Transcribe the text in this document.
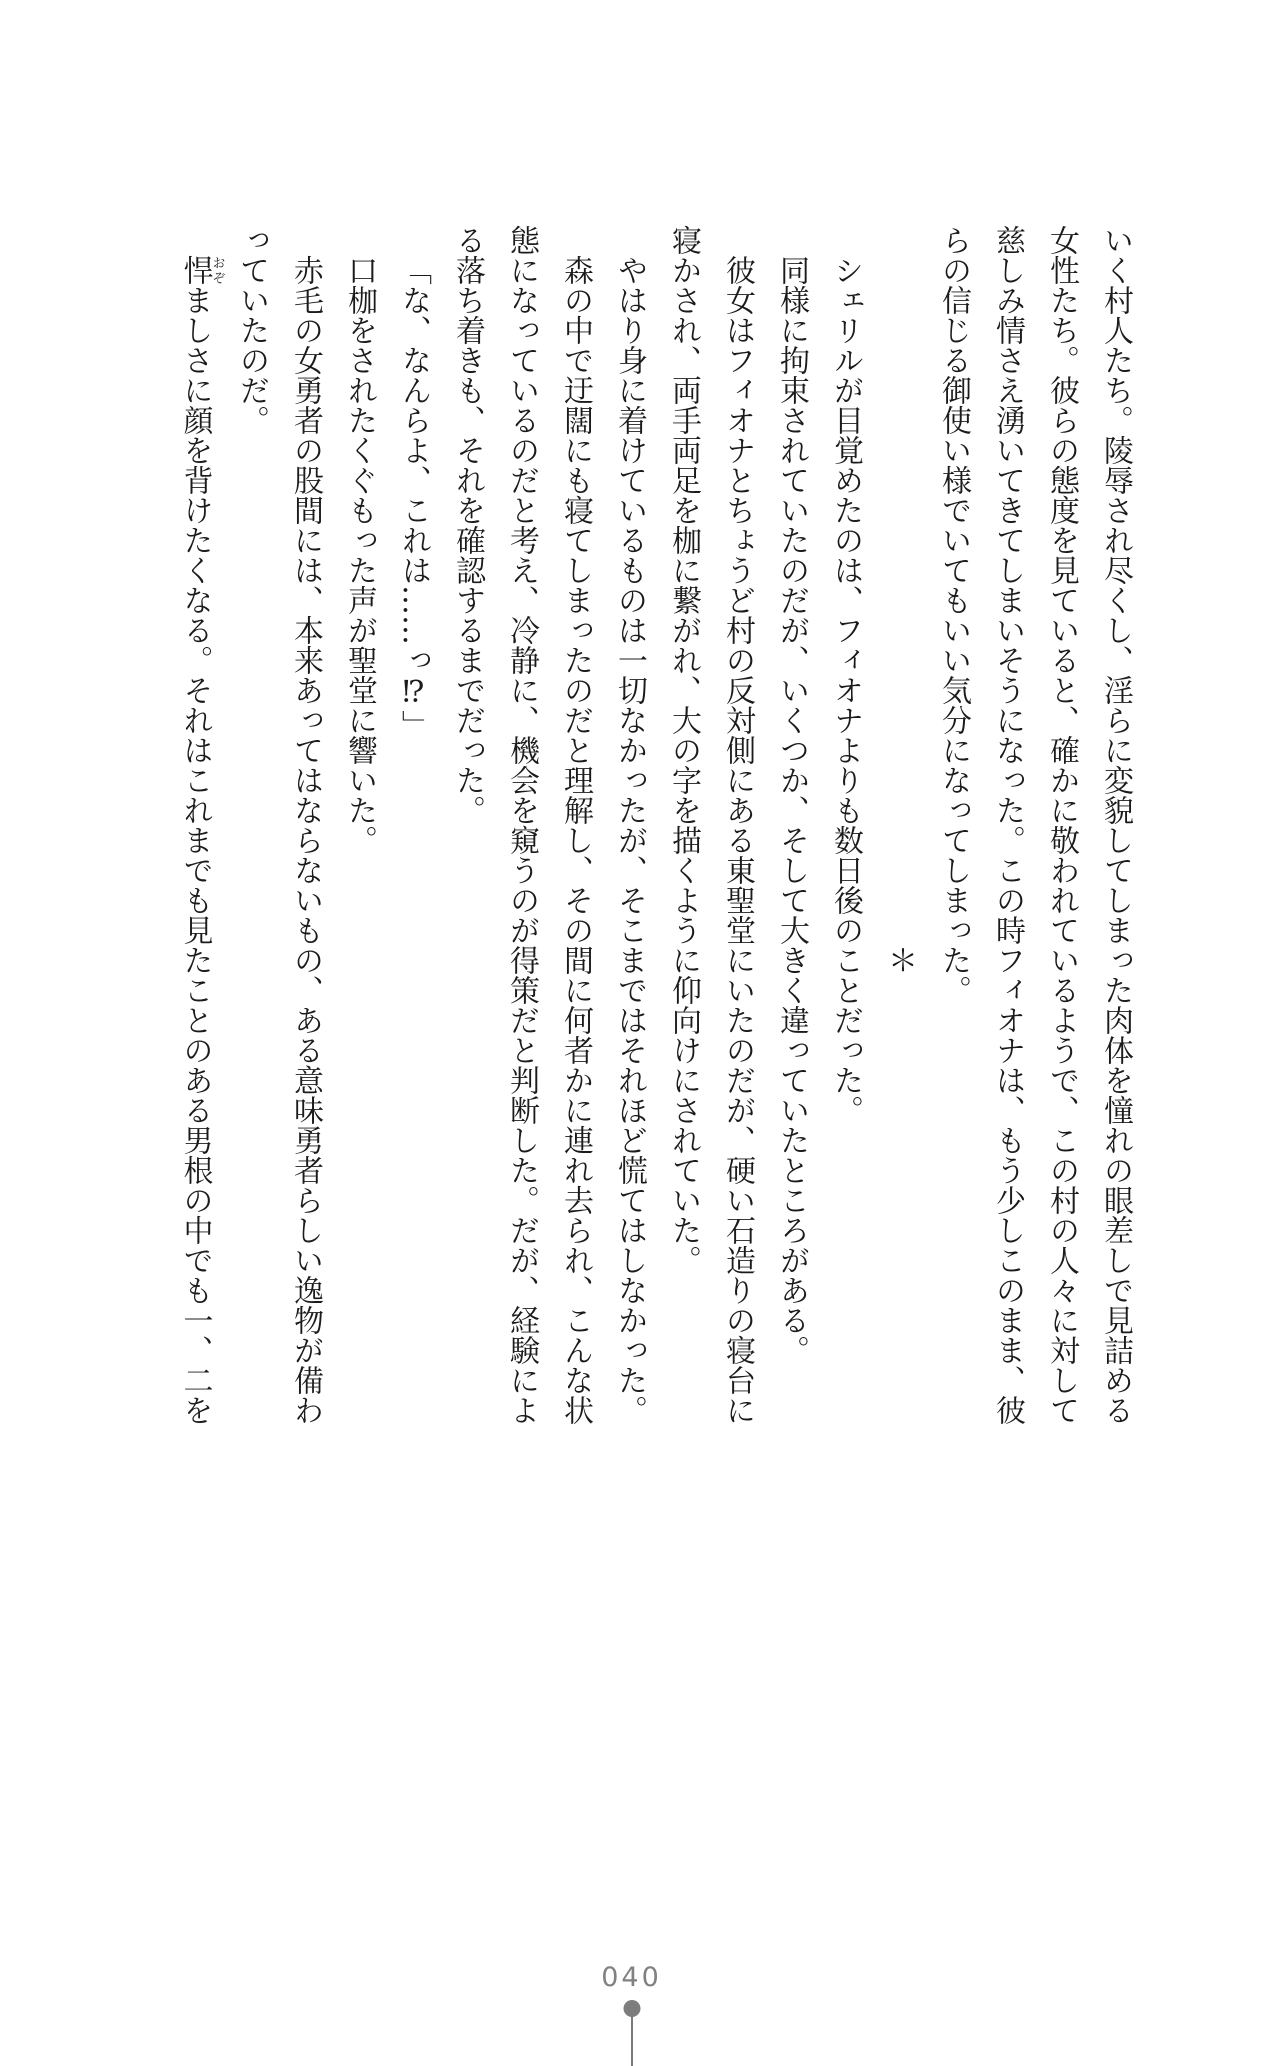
いく村人たち。陵辱され尽くし、淫らに変貌してしまった肉体を憧れの眼差しで見詰める女性たち。彼らの態度を見ていると、確かに敬われているようで、この村の人々に対して慈しみ情さえ湧いてきてしまいそうになった。この時フィオナは、もう少しこのまま、彼らの信じる御使い様でいてもいい気分になってしまった。

＊

シェリルが目覚めたのは、フィオナよりも数日後のことだった。

同様に拘束されていたのだが、いくつか、そして大きく違っていたところがある。

彼女はフィオナとちょうど村の反対側にある東聖堂にいたのだが、硬い石造りの寝台に寝かされ、両手両足を枷に繋がれ、大の字を描くように仰向けにされていた。

やはり身に着けているものは一切なかったが、そこまではそれほど慌てはしなかった。

森の中で迂闊にも寝てしまったのだと理解し、その間に何者かに連れ去られ、こんな状態になっているのだと考え、冷静に、機会を窺うのが得策だと判断した。だが、経験による落ち着きも、それを確認するまでだった。

「な、なんらよ、これは……っ⁉」

口枷をされたくぐもった声が聖堂に響いた。

赤毛の女勇者の股間には、本来あってはならないもの、ある意味勇者らしい逸物が備わっていたのだ。

悍おぞましさに顔を背けたくなる。それはこれまでも見たことのある男根の中でも一、二を

040
